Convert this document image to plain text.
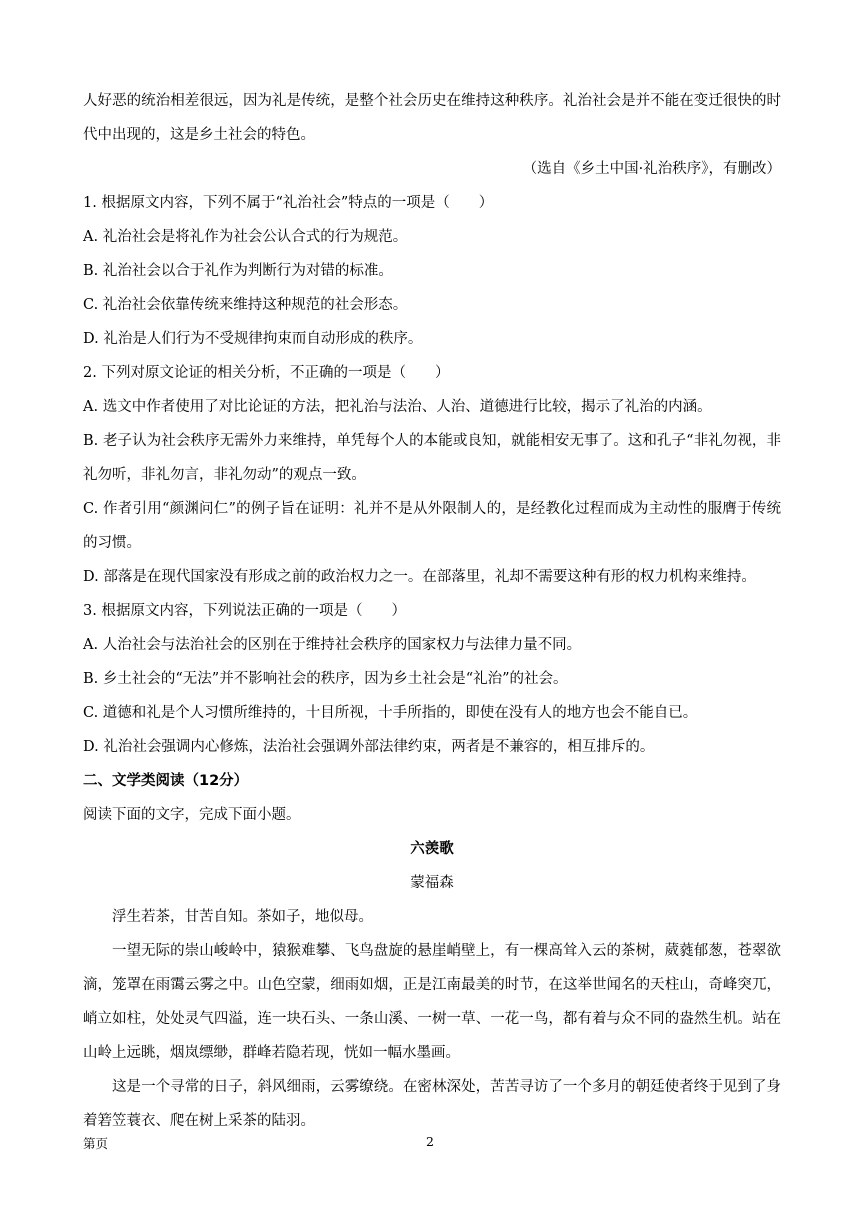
人好恶的统治相差很远，因为礼是传统，是整个社会历史在维持这种秩序。礼治社会是并不能在变迁很快的时代中出现的，这是乡土社会的特色。

（选自《乡土中国·礼治秩序》，有删改）

1. 根据原文内容，下列不属于“礼治社会”特点的一项是（　　）

A. 礼治社会是将礼作为社会公认合式的行为规范。

B. 礼治社会以合于礼作为判断行为对错的标准。

C. 礼治社会依靠传统来维持这种规范的社会形态。

D. 礼治是人们行为不受规律拘束而自动形成的秩序。

2. 下列对原文论证的相关分析，不正确的一项是（　　）

A. 选文中作者使用了对比论证的方法，把礼治与法治、人治、道德进行比较，揭示了礼治的内涵。

B. 老子认为社会秩序无需外力来维持，单凭每个人的本能或良知，就能相安无事了。这和孔子“非礼勿视，非礼勿听，非礼勿言，非礼勿动”的观点一致。

C. 作者引用“颜渊问仁”的例子旨在证明：礼并不是从外限制人的，是经教化过程而成为主动性的服膺于传统的习惯。

D. 部落是在现代国家没有形成之前的政治权力之一。在部落里，礼却不需要这种有形的权力机构来维持。

3. 根据原文内容，下列说法正确的一项是（　　）

A. 人治社会与法治社会的区别在于维持社会秩序的国家权力与法律力量不同。

B. 乡土社会的“无法”并不影响社会的秩序，因为乡土社会是“礼治”的社会。

C. 道德和礼是个人习惯所维持的，十目所视，十手所指的，即使在没有人的地方也会不能自已。

D. 礼治社会强调内心修炼，法治社会强调外部法律约束，两者是不兼容的，相互排斥的。

二、文学类阅读（12分）

阅读下面的文字，完成下面小题。

六羡歌

蒙福森

浮生若茶，甘苦自知。茶如子，地似母。

一望无际的崇山峻岭中，猿猴难攀、飞鸟盘旋的悬崖峭壁上，有一棵高耸入云的茶树，葳蕤郁葱，苍翠欲滴，笼罩在雨霭云雾之中。山色空蒙，细雨如烟，正是江南最美的时节，在这举世闻名的天柱山，奇峰突兀，峭立如柱，处处灵气四溢，连一块石头、一条山溪、一树一草、一花一鸟，都有着与众不同的盎然生机。站在山岭上远眺，烟岚缥缈，群峰若隐若现，恍如一幅水墨画。

这是一个寻常的日子，斜风细雨，云雾缭绕。在密林深处，苦苦寻访了一个多月的朝廷使者终于见到了身着箬笠蓑衣、爬在树上采茶的陆羽。

第页	2
